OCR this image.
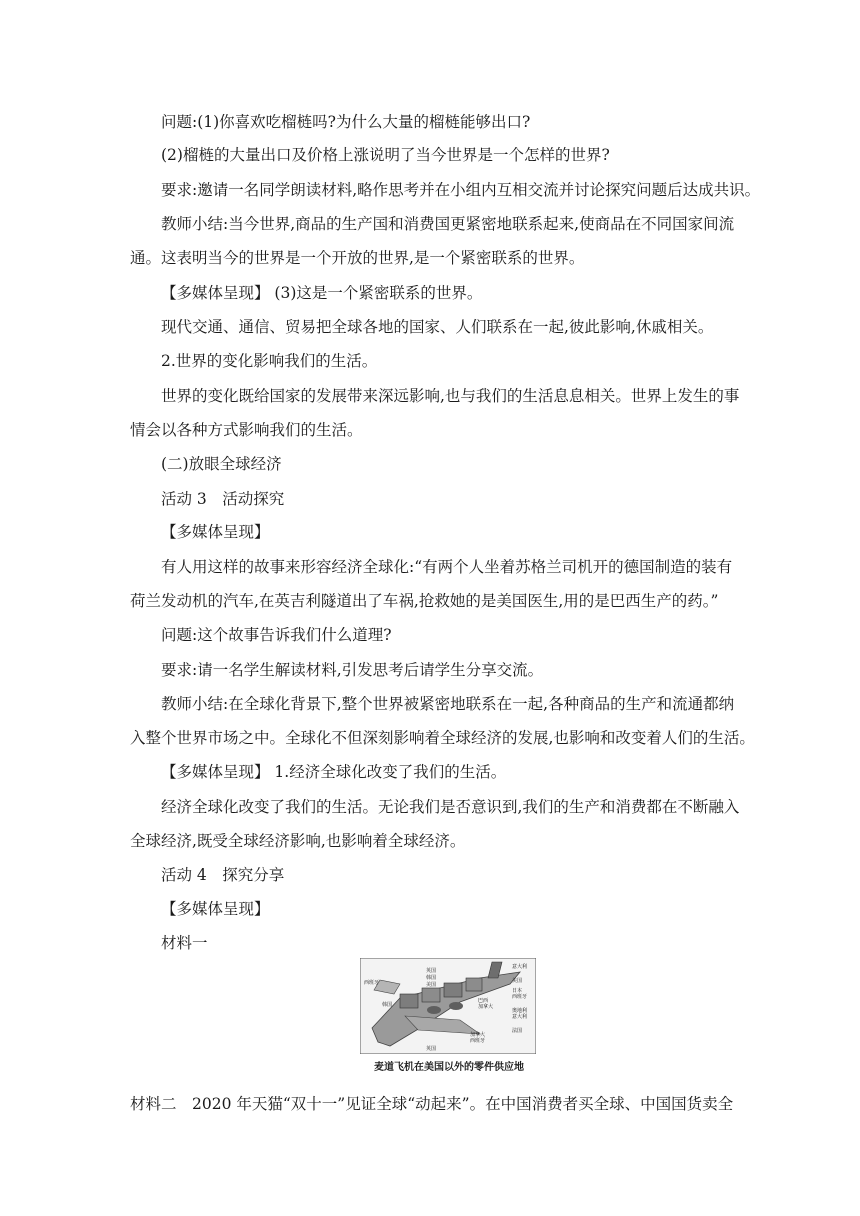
问题:(1)你喜欢吃榴梿吗?为什么大量的榴梿能够出口?
(2)榴梿的大量出口及价格上涨说明了当今世界是一个怎样的世界?
要求:邀请一名同学朗读材料,略作思考并在小组内互相交流并讨论探究问题后达成共识。
教师小结:当今世界,商品的生产国和消费国更紧密地联系起来,使商品在不同国家间流
通。这表明当今的世界是一个开放的世界,是一个紧密联系的世界。
【多媒体呈现】 (3)这是一个紧密联系的世界。
现代交通、通信、贸易把全球各地的国家、人们联系在一起,彼此影响,休戚相关。
2.世界的变化影响我们的生活。
世界的变化既给国家的发展带来深远影响,也与我们的生活息息相关。世界上发生的事
情会以各种方式影响我们的生活。
(二)放眼全球经济
活动 3　活动探究
【多媒体呈现】
有人用这样的故事来形容经济全球化:“有两个人坐着苏格兰司机开的德国制造的装有
荷兰发动机的汽车,在英吉利隧道出了车祸,抢救她的是美国医生,用的是巴西生产的药。”
问题:这个故事告诉我们什么道理?
要求:请一名学生解读材料,引发思考后请学生分享交流。
教师小结:在全球化背景下,整个世界被紧密地联系在一起,各种商品的生产和流通都纳
入整个世界市场之中。全球化不但深刻影响着全球经济的发展,也影响和改变着人们的生活。
【多媒体呈现】 1.经济全球化改变了我们的生活。
经济全球化改变了我们的生活。无论我们是否意识到,我们的生产和消费都在不断融入
全球经济,既受全球经济影响,也影响着全球经济。
活动 4　探究分享
【多媒体呈现】
材料一
意大利
美国
英国
韩国
美国
日本
西班牙
西班牙
韩国
巴西
加拿大
奥地利
意大利
法国
加拿大
西班牙
英国
麦道飞机在美国以外的零件供应地
材料二　2020 年天猫“双十一”见证全球“动起来”。在中国消费者买全球、中国国货卖全
